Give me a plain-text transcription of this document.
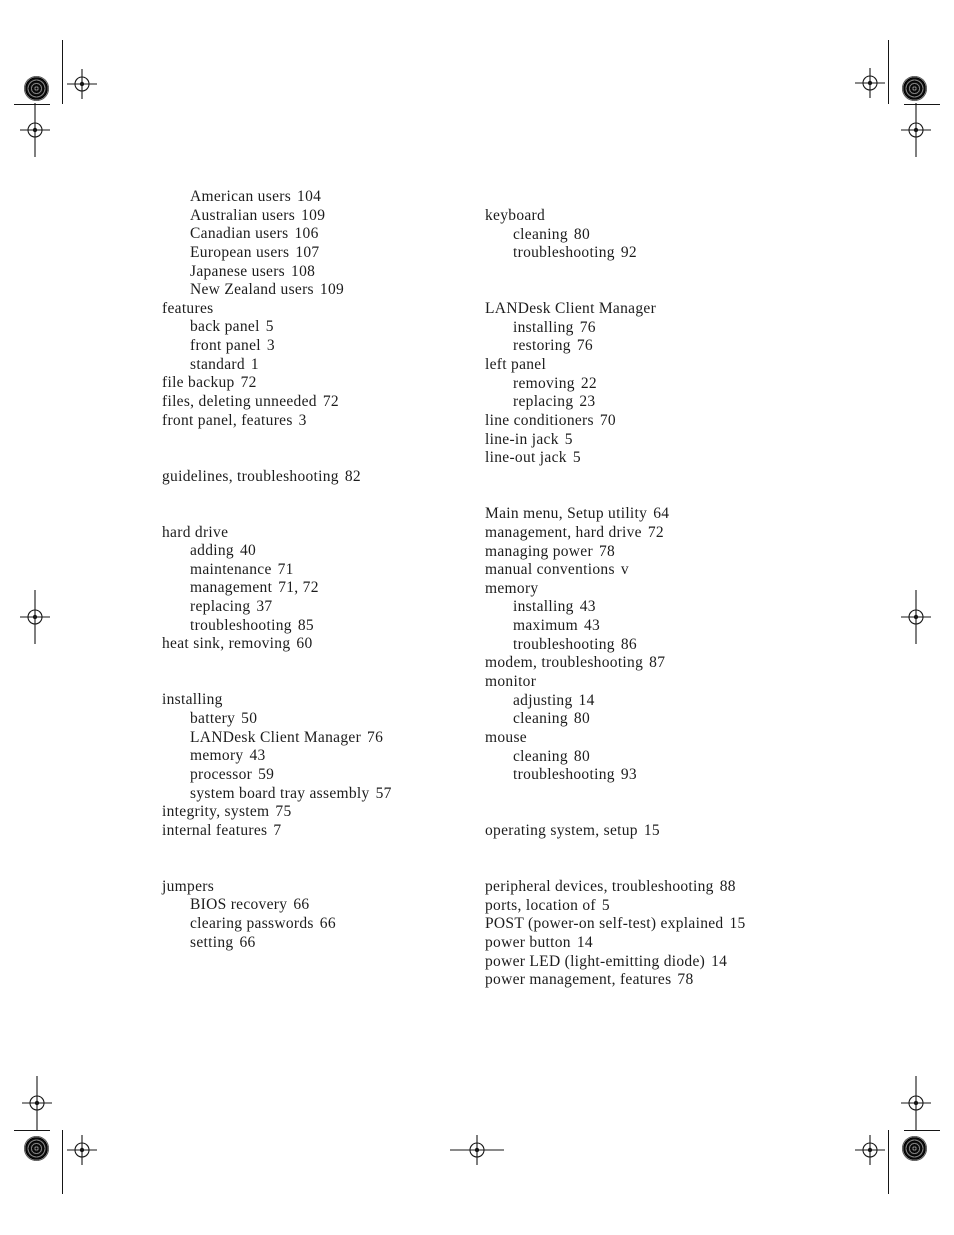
American users 104
Australian users 109
Canadian users 106
European users 107
Japanese users 108
New Zealand users 109
features
back panel 5
front panel 3
standard 1
file backup 72
files, deleting unneeded 72
front panel, features 3
guidelines, troubleshooting 82
hard drive
adding 40
maintenance 71
management 71, 72
replacing 37
troubleshooting 85
heat sink, removing 60
installing
battery 50
LANDesk Client Manager 76
memory 43
processor 59
system board tray assembly 57
integrity, system 75
internal features 7
jumpers
BIOS recovery 66
clearing passwords 66
setting 66
keyboard
cleaning 80
troubleshooting 92
LANDesk Client Manager
installing 76
restoring 76
left panel
removing 22
replacing 23
line conditioners 70
line-in jack 5
line-out jack 5
Main menu, Setup utility 64
management, hard drive 72
managing power 78
manual conventions v
memory
installing 43
maximum 43
troubleshooting 86
modem, troubleshooting 87
monitor
adjusting 14
cleaning 80
mouse
cleaning 80
troubleshooting 93
operating system, setup 15
peripheral devices, troubleshooting 88
ports, location of 5
POST (power-on self-test) explained 15
power button 14
power LED (light-emitting diode) 14
power management, features 78
